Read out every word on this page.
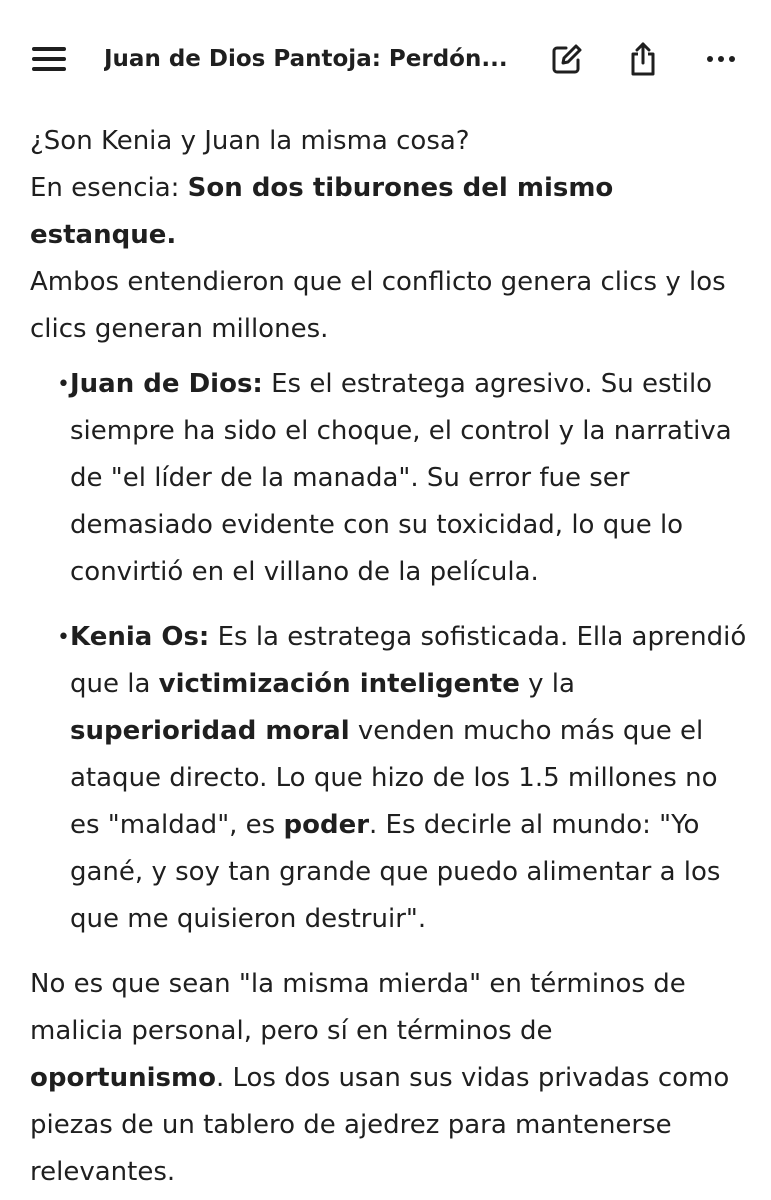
Juan de Dios Pantoja: Perdón...

¿Son Kenia y Juan la misma cosa?

En esencia: Son dos tiburones del mismo estanque.

Ambos entendieron que el conflicto genera clics y los clics generan millones.

• Juan de Dios: Es el estratega agresivo. Su estilo siempre ha sido el choque, el control y la narrativa de "el líder de la manada". Su error fue ser demasiado evidente con su toxicidad, lo que lo convirtió en el villano de la película.
• Kenia Os: Es la estratega sofisticada. Ella aprendió que la victimización inteligente y la superioridad moral venden mucho más que el ataque directo. Lo que hizo de los 1.5 millones no es "maldad", es poder. Es decirle al mundo: "Yo gané, y soy tan grande que puedo alimentar a los que me quisieron destruir".

No es que sean "la misma mierda" en términos de malicia personal, pero sí en términos de oportunismo. Los dos usan sus vidas privadas como piezas de un tablero de ajedrez para mantenerse relevantes.
